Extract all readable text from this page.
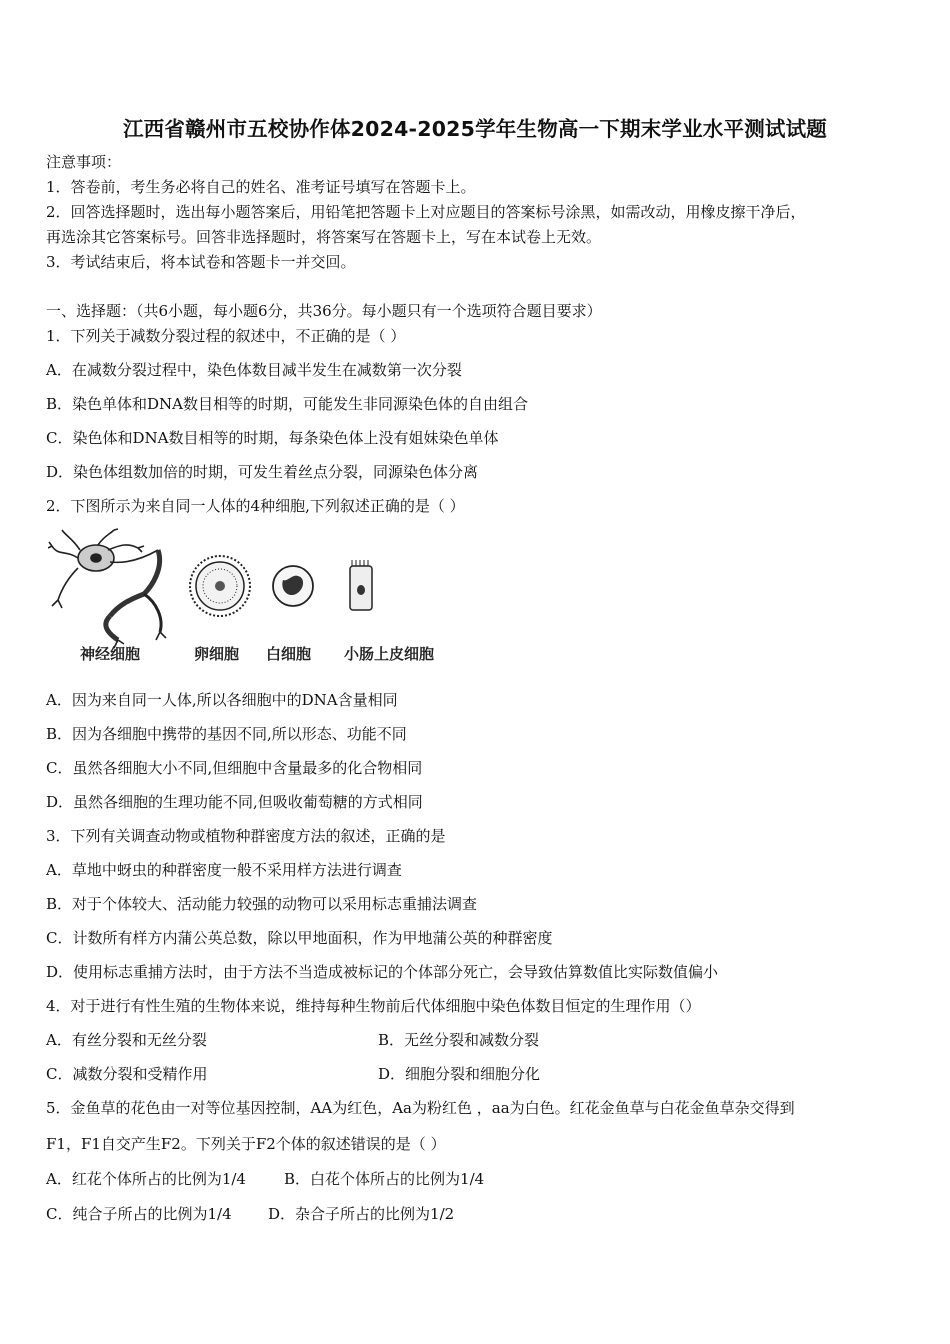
江西省赣州市五校协作体2024-2025学年生物高一下期末学业水平测试试题
注意事项：
1．答卷前，考生务必将自己的姓名、准考证号填写在答题卡上。
2．回答选择题时，选出每小题答案后，用铅笔把答题卡上对应题目的答案标号涂黑，如需改动，用橡皮擦干净后，
再选涂其它答案标号。回答非选择题时，将答案写在答题卡上，写在本试卷上无效。
3．考试结束后，将本试卷和答题卡一并交回。
一、选择题：（共6小题，每小题6分，共36分。每小题只有一个选项符合题目要求）
1．下列关于减数分裂过程的叙述中，不正确的是（ ）
A．在减数分裂过程中，染色体数目减半发生在减数第一次分裂
B．染色单体和DNA数目相等的时期，可能发生非同源染色体的自由组合
C．染色体和DNA数目相等的时期，每条染色体上没有姐妹染色单体
D．染色体组数加倍的时期，可发生着丝点分裂，同源染色体分离
2．下图所示为来自同一人体的4种细胞,下列叙述正确的是（ ）
神经细胞	卵细胞 白细胞 小肠上皮细胞
A．因为来自同一人体,所以各细胞中的DNA含量相同
B．因为各细胞中携带的基因不同,所以形态、功能不同
C．虽然各细胞大小不同,但细胞中含量最多的化合物相同
D．虽然各细胞的生理功能不同,但吸收葡萄糖的方式相同
3．下列有关调查动物或植物种群密度方法的叙述，正确的是
A．草地中蚜虫的种群密度一般不采用样方法进行调查
B．对于个体较大、活动能力较强的动物可以采用标志重捕法调查
C．计数所有样方内蒲公英总数，除以甲地面积，作为甲地蒲公英的种群密度
D．使用标志重捕方法时，由于方法不当造成被标记的个体部分死亡，会导致估算数值比实际数值偏小
4．对于进行有性生殖的生物体来说，维持每种生物前后代体细胞中染色体数目恒定的生理作用（）
A．有丝分裂和无丝分裂	B．无丝分裂和减数分裂
C．减数分裂和受精作用	D．细胞分裂和细胞分化
5．金鱼草的花色由一对等位基因控制，AA为红色，Aa为粉红色 ，aa为白色。红花金鱼草与白花金鱼草杂交得到
F1，F1自交产生F2。下列关于F2个体的叙述错误的是（ ）
A．红花个体所占的比例为1/4	B．白花个体所占的比例为1/4
C．纯合子所占的比例为1/4 D．杂合子所占的比例为1/2
